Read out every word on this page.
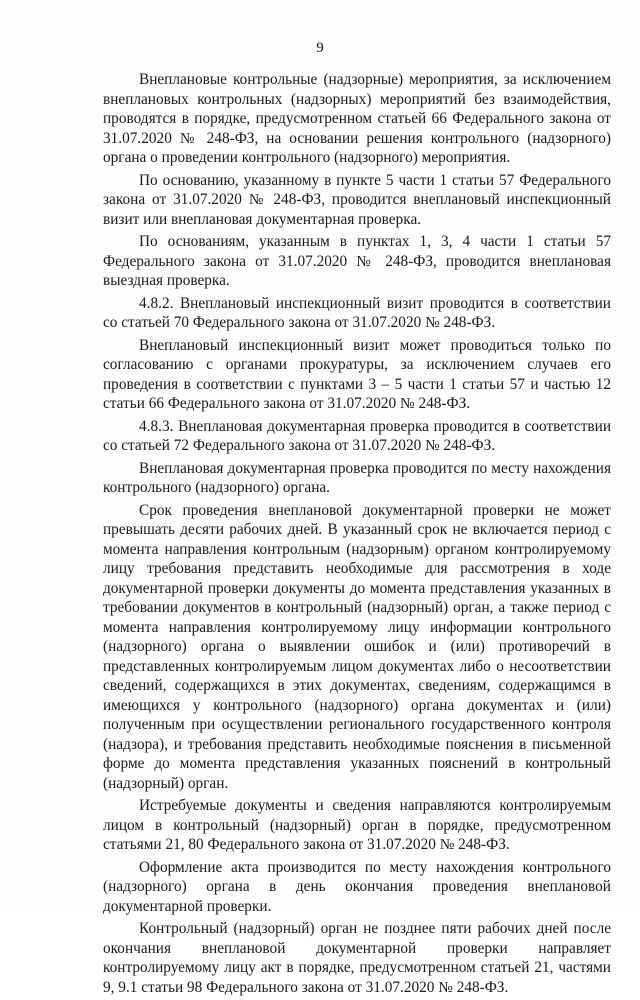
9

Внеплановые контрольные (надзорные) мероприятия, за исключением внеплановых контрольных (надзорных) мероприятий без взаимодействия, проводятся в порядке, предусмотренном статьей 66 Федерального закона от 31.07.2020 № 248-ФЗ, на основании решения контрольного (надзорного) органа о проведении контрольного (надзорного) мероприятия.

По основанию, указанному в пункте 5 части 1 статьи 57 Федерального закона от 31.07.2020 № 248-ФЗ, проводится внеплановый инспекционный визит или внеплановая документарная проверка.

По основаниям, указанным в пунктах 1, 3, 4 части 1 статьи 57 Федерального закона от 31.07.2020 № 248-ФЗ, проводится внеплановая выездная проверка.

4.8.2. Внеплановый инспекционный визит проводится в соответствии со статьей 70 Федерального закона от 31.07.2020 № 248-ФЗ.

Внеплановый инспекционный визит может проводиться только по согласованию с органами прокуратуры, за исключением случаев его проведения в соответствии с пунктами 3 – 5 части 1 статьи 57 и частью 12 статьи 66 Федерального закона от 31.07.2020 № 248-ФЗ.

4.8.3. Внеплановая документарная проверка проводится в соответствии со статьей 72 Федерального закона от 31.07.2020 № 248-ФЗ.

Внеплановая документарная проверка проводится по месту нахождения контрольного (надзорного) органа.

Срок проведения внеплановой документарной проверки не может превышать десяти рабочих дней. В указанный срок не включается период с момента направления контрольным (надзорным) органом контролируемому лицу требования представить необходимые для рассмотрения в ходе документарной проверки документы до момента представления указанных в требовании документов в контрольный (надзорный) орган, а также период с момента направления контролируемому лицу информации контрольного (надзорного) органа о выявлении ошибок и (или) противоречий в представленных контролируемым лицом документах либо о несоответствии сведений, содержащихся в этих документах, сведениям, содержащимся в имеющихся у контрольного (надзорного) органа документах и (или) полученным при осуществлении регионального государственного контроля (надзора), и требования представить необходимые пояснения в письменной форме до момента представления указанных пояснений в контрольный (надзорный) орган.

Истребуемые документы и сведения направляются контролируемым лицом в контрольный (надзорный) орган в порядке, предусмотренном статьями 21, 80 Федерального закона от 31.07.2020 № 248-ФЗ.

Оформление акта производится по месту нахождения контрольного (надзорного) органа в день окончания проведения внеплановой документарной проверки.

Контрольный (надзорный) орган не позднее пяти рабочих дней после окончания внеплановой документарной проверки направляет контролируемому лицу акт в порядке, предусмотренном статьей 21, частями 9, 9.1 статьи 98 Федерального закона от 31.07.2020 № 248-ФЗ.
